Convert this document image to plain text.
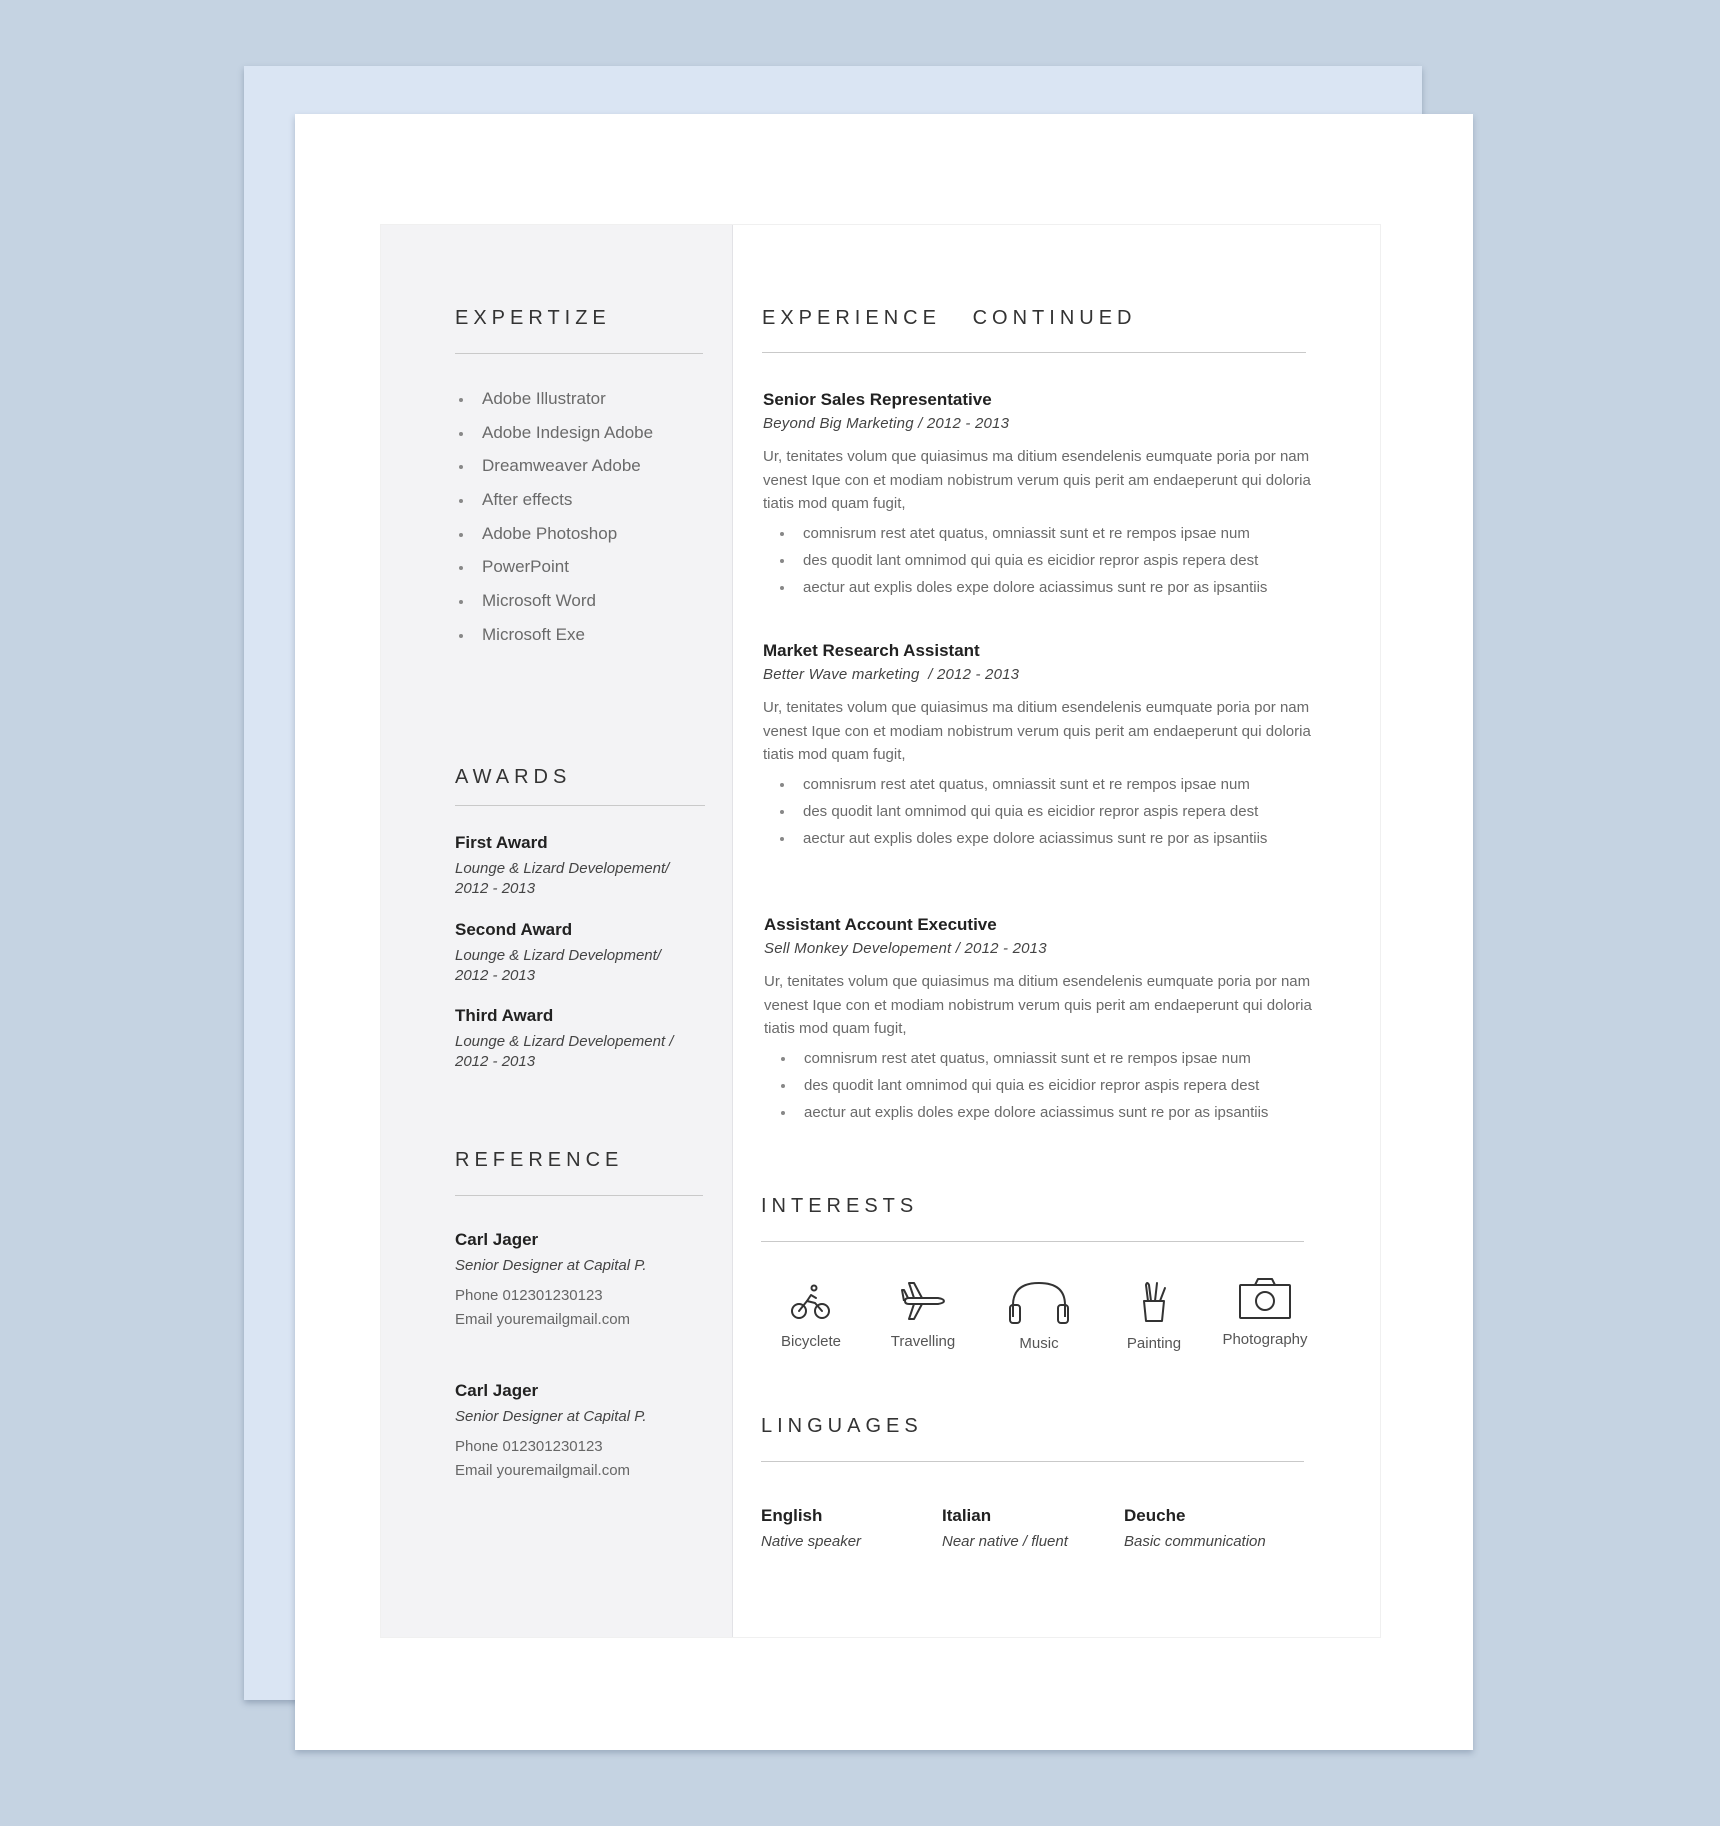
EXPERTIZE
Adobe Illustrator
Adobe Indesign Adobe
Dreamweaver Adobe
After effects
Adobe Photoshop
PowerPoint
Microsoft Word
Microsoft Exe
AWARDS
First Award
Lounge & Lizard Developement/
2012 - 2013
Second Award
Lounge & Lizard Development/
2012 - 2013
Third Award
Lounge & Lizard Developement /
2012 - 2013
REFERENCE
Carl Jager
Senior Designer at Capital P.
Phone 012301230123
Email youremailgmail.com
Carl Jager
Senior Designer at Capital P.
Phone 012301230123
Email youremailgmail.com
EXPERIENCE   CONTINUED
Senior Sales Representative
Beyond Big Marketing / 2012 - 2013

Ur, tenitates volum que quiasimus ma ditium esendelenis eumquate poria por nam venest Ique con et modiam nobistrum verum quis perit am endaeperunt qui doloria tiatis mod quam fugit,

comnisrum rest atet quatus, omniassit sunt et re rempos ipsae num
des quodit lant omnimod qui quia es eicidior repror aspis repera dest
aectur aut explis doles expe dolore aciassimus sunt re por as ipsantiis
Market Research Assistant
Better Wave marketing  / 2012 - 2013

Ur, tenitates volum que quiasimus ma ditium esendelenis eumquate poria por nam venest Ique con et modiam nobistrum verum quis perit am endaeperunt qui doloria tiatis mod quam fugit,

comnisrum rest atet quatus, omniassit sunt et re rempos ipsae num
des quodit lant omnimod qui quia es eicidior repror aspis repera dest
aectur aut explis doles expe dolore aciassimus sunt re por as ipsantiis
Assistant Account Executive
Sell Monkey Developement / 2012 - 2013

Ur, tenitates volum que quiasimus ma ditium esendelenis eumquate poria por nam venest Ique con et modiam nobistrum verum quis perit am endaeperunt qui doloria tiatis mod quam fugit,

comnisrum rest atet quatus, omniassit sunt et re rempos ipsae num
des quodit lant omnimod qui quia es eicidior repror aspis repera dest
aectur aut explis doles expe dolore aciassimus sunt re por as ipsantiis
INTERESTS
Bicyclete	Travelling	Music	Painting	Photography
LINGUAGES
English
Native speaker
Italian
Near native / fluent
Deuche
Basic communication
